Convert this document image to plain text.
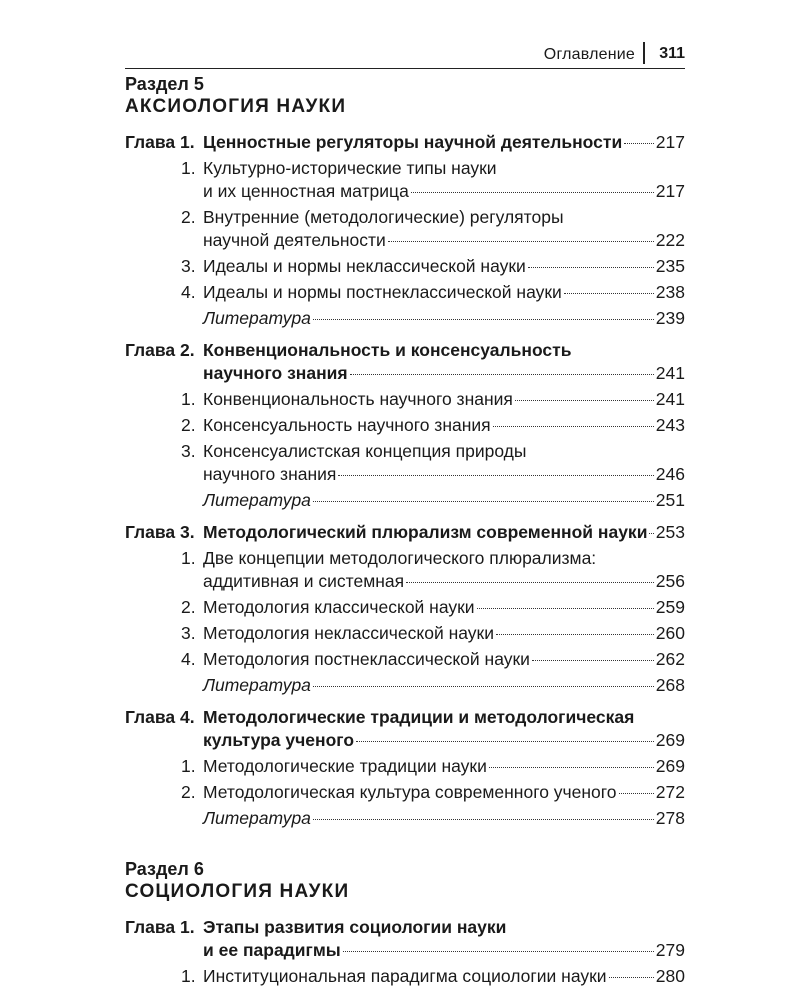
Оглавление 311
Раздел 5
АКСИОЛОГИЯ НАУКИ
Глава 1. Ценностные регуляторы научной деятельности 217
1. Культурно-исторические типы науки
и их ценностная матрица	217
2. Внутренние (методологические) регуляторы
научной деятельности	222
3. Идеалы и нормы неклассической науки	235
4. Идеалы и нормы постнеклассической науки	238
Литература	239
Глава 2. Конвенциональность и консенсуальность
научного знания	241
1. Конвенциональность научного знания	241
2. Консенсуальность научного знания	243
3. Консенсуалистская концепция природы
научного знания	246
Литература	251
Глава 3. Методологический плюрализм современной науки 253
1. Две концепции методологического плюрализма:
аддитивная и системная	256
2. Методология классической науки	259
3. Методология неклассической науки	260
4. Методология постнеклассической науки	262
Литература	268
Глава 4. Методологические традиции и методологическая
культура ученого	269
1. Методологические традиции науки	269
2. Методологическая культура современного ученого 272
Литература	278
Раздел 6
СОЦИОЛОГИЯ НАУКИ
Глава 1. Этапы развития социологии науки
и ее парадигмы	279
1. Институциональная парадигма социологии науки	280
